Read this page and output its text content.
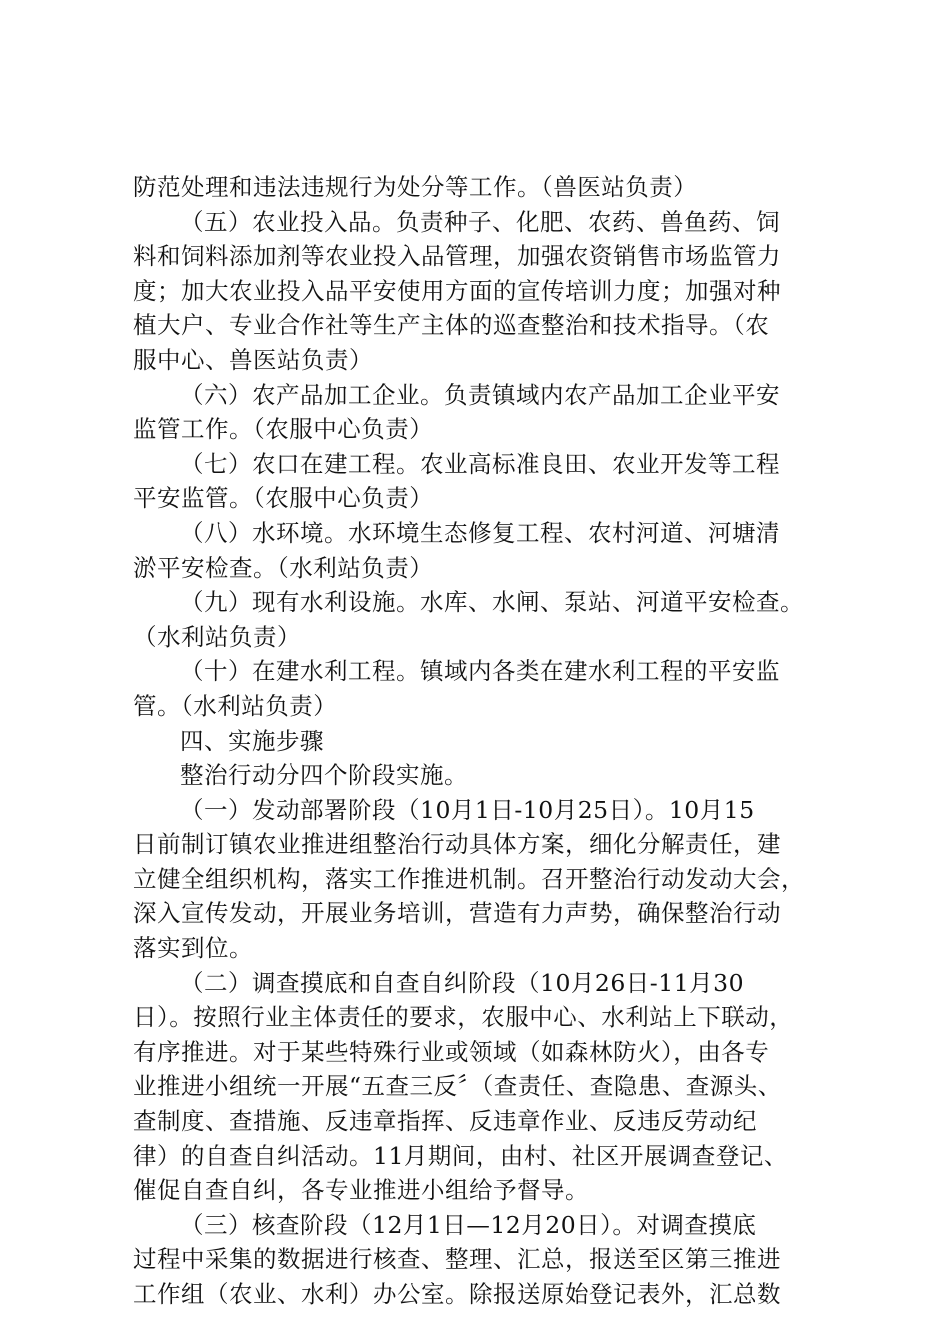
防范处理和违法违规行为处分等工作。（兽医站负责）
（五）农业投入品。负责种子、化肥、农药、兽鱼药、饲
料和饲料添加剂等农业投入品管理，加强农资销售市场监管力
度；加大农业投入品平安使用方面的宣传培训力度；加强对种
植大户、专业合作社等生产主体的巡查整治和技术指导。（农
服中心、兽医站负责）
（六）农产品加工企业。负责镇域内农产品加工企业平安
监管工作。（农服中心负责）
（七）农口在建工程。农业高标准良田、农业开发等工程
平安监管。（农服中心负责）
（八）水环境。水环境生态修复工程、农村河道、河塘清
淤平安检查。（水利站负责）
（九）现有水利设施。水库、水闸、泵站、河道平安检查。
（水利站负责）
（十）在建水利工程。镇域内各类在建水利工程的平安监
管。（水利站负责）
四、实施步骤
整治行动分四个阶段实施。
（一）发动部署阶段（10月1日-10月25日）。10月15
日前制订镇农业推进组整治行动具体方案，细化分解责任，建
立健全组织机构，落实工作推进机制。召开整治行动发动大会，
深入宣传发动，开展业务培训，营造有力声势，确保整治行动
落实到位。
（二）调查摸底和自查自纠阶段（10月26日-11月30
日）。按照行业主体责任的要求，农服中心、水利站上下联动，
有序推进。对于某些特殊行业或领域（如森林防火），由各专
业推进小组统一开展“五查三反〞（查责任、查隐患、查源头、
查制度、查措施、反违章指挥、反违章作业、反违反劳动纪
律）的自查自纠活动。11月期间，由村、社区开展调查登记、
催促自查自纠，各专业推进小组给予督导。
（三）核查阶段（12月1日—12月20日）。对调查摸底
过程中采集的数据进行核查、整理、汇总，报送至区第三推进
工作组（农业、水利）办公室。除报送原始登记表外，汇总数
